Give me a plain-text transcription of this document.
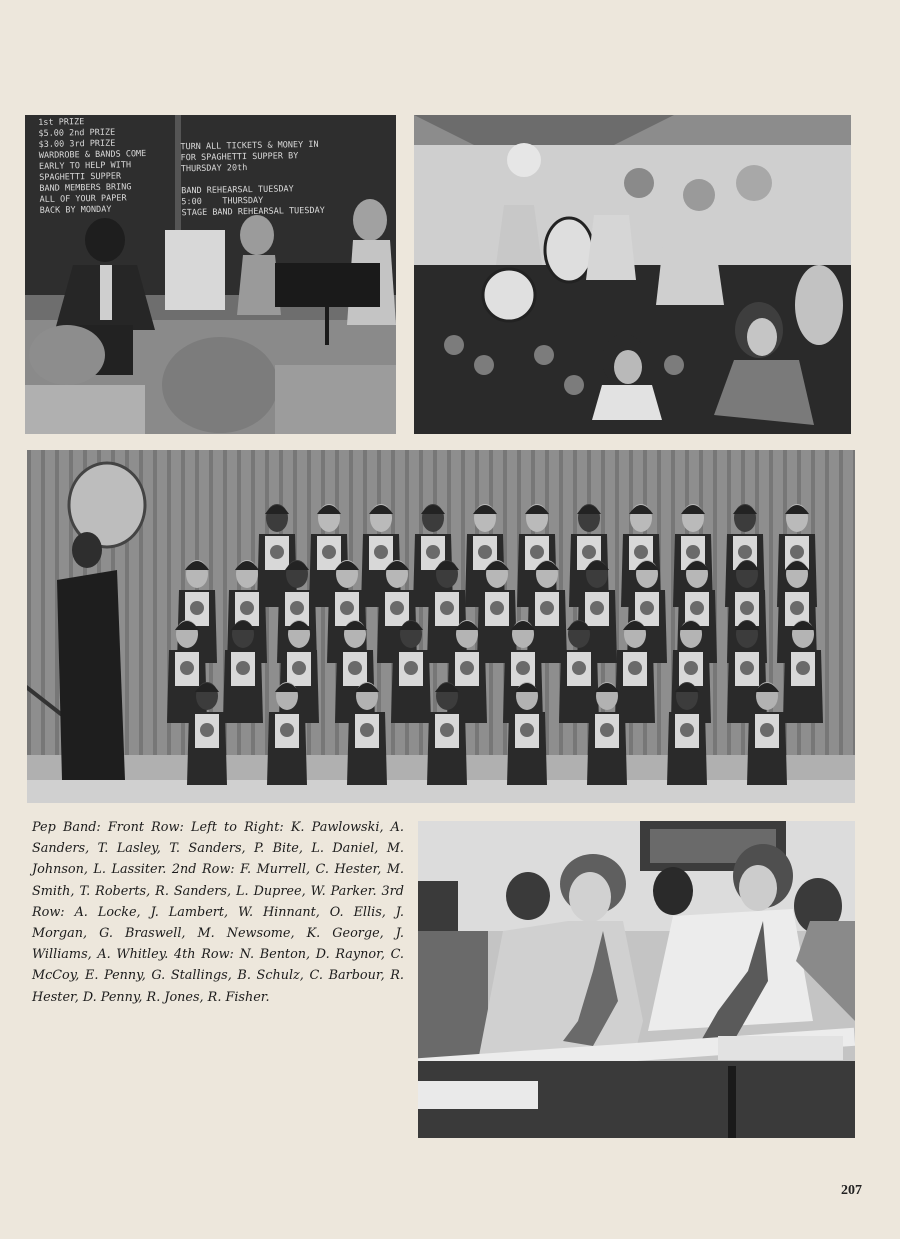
1st PRIZE
$5.00 2nd PRIZE
$3.00 3rd PRIZE
WARDROBE & BANDS COME
EARLY TO HELP WITH
SPAGHETTI SUPPER
BAND MEMBERS BRING
ALL OF YOUR PAPER
BACK BY MONDAY
TURN ALL TICKETS & MONEY IN
FOR SPAGHETTI SUPPER BY
THURSDAY 20th

BAND REHEARSAL TUESDAY
5:00    THURSDAY
STAGE BAND REHEARSAL TUESDAY

Pep Band: Front Row: Left to Right: K. Pawlowski, A. Sanders, T. Lasley, T. Sanders, P. Bite, L. Daniel, M. Johnson, L. Lassiter. 2nd Row: F. Murrell, C. Hester, M. Smith, T. Roberts, R. Sanders, L. Dupree, W. Parker. 3rd Row: A. Locke, J. Lambert, W. Hinnant, O. Ellis, J. Morgan, G. Braswell, M. Newsome, K. George, J. Williams, A. Whitley. 4th Row: N. Benton, D. Raynor, C. McCoy, E. Penny, G. Stallings, B. Schulz, C. Barbour, R. Hester, D. Penny, R. Jones, R. Fisher.

207
